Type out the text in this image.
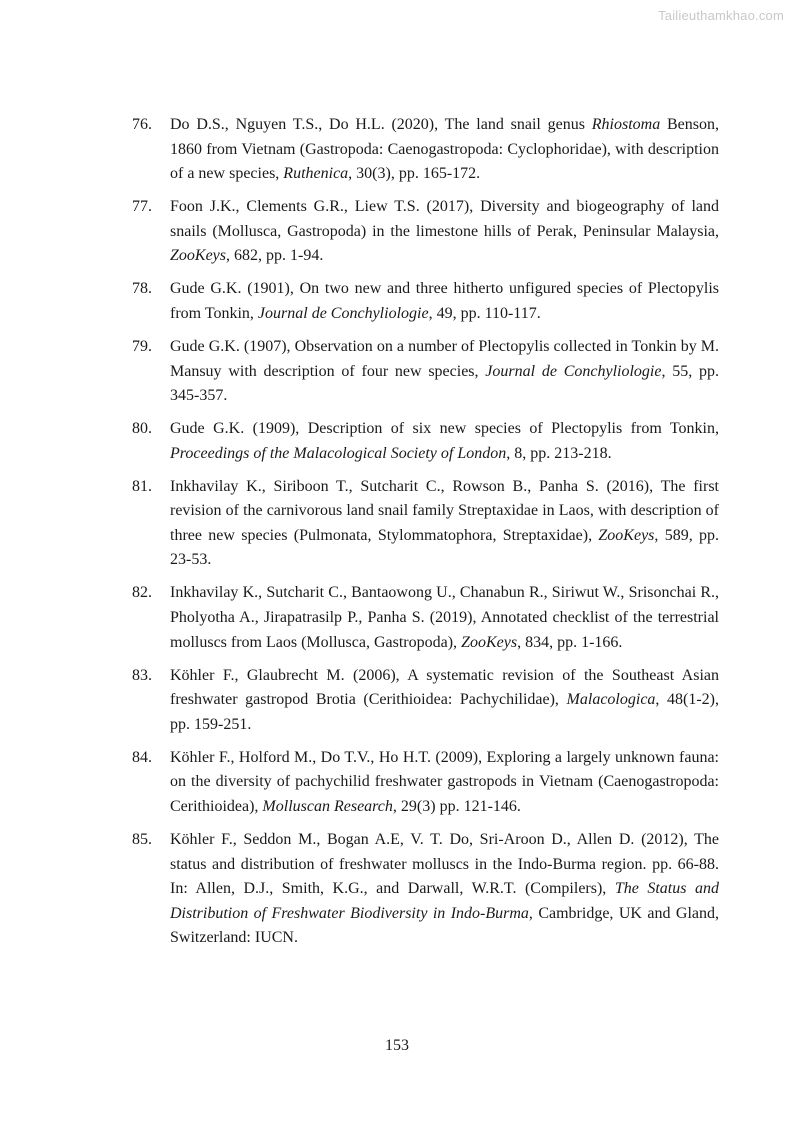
Tailieuthamkhao.com
76. Do D.S., Nguyen T.S., Do H.L. (2020), The land snail genus Rhiostoma Benson, 1860 from Vietnam (Gastropoda: Caenogastropoda: Cyclophoridae), with description of a new species, Ruthenica, 30(3), pp. 165-172.
77. Foon J.K., Clements G.R., Liew T.S. (2017), Diversity and biogeography of land snails (Mollusca, Gastropoda) in the limestone hills of Perak, Peninsular Malaysia, ZooKeys, 682, pp. 1-94.
78. Gude G.K. (1901), On two new and three hitherto unfigured species of Plectopylis from Tonkin, Journal de Conchyliologie, 49, pp. 110-117.
79. Gude G.K. (1907), Observation on a number of Plectopylis collected in Tonkin by M. Mansuy with description of four new species, Journal de Conchyliologie, 55, pp. 345-357.
80. Gude G.K. (1909), Description of six new species of Plectopylis from Tonkin, Proceedings of the Malacological Society of London, 8, pp. 213-218.
81. Inkhavilay K., Siriboon T., Sutcharit C., Rowson B., Panha S. (2016), The first revision of the carnivorous land snail family Streptaxidae in Laos, with description of three new species (Pulmonata, Stylommatophora, Streptaxidae), ZooKeys, 589, pp. 23-53.
82. Inkhavilay K., Sutcharit C., Bantaowong U., Chanabun R., Siriwut W., Srisonchai R., Pholyotha A., Jirapatrasilp P., Panha S. (2019), Annotated checklist of the terrestrial molluscs from Laos (Mollusca, Gastropoda), ZooKeys, 834, pp. 1-166.
83. Köhler F., Glaubrecht M. (2006), A systematic revision of the Southeast Asian freshwater gastropod Brotia (Cerithioidea: Pachychilidae), Malacologica, 48(1-2), pp. 159-251.
84. Köhler F., Holford M., Do T.V., Ho H.T. (2009), Exploring a largely unknown fauna: on the diversity of pachychilid freshwater gastropods in Vietnam (Caenogastropoda: Cerithioidea), Molluscan Research, 29(3) pp. 121-146.
85. Köhler F., Seddon M., Bogan A.E, V. T. Do, Sri-Aroon D., Allen D. (2012), The status and distribution of freshwater molluscs in the Indo-Burma region. pp. 66-88. In: Allen, D.J., Smith, K.G., and Darwall, W.R.T. (Compilers), The Status and Distribution of Freshwater Biodiversity in Indo-Burma, Cambridge, UK and Gland, Switzerland: IUCN.
153
